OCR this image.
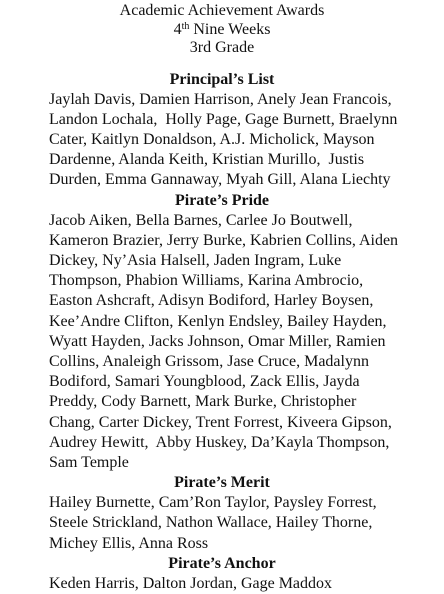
Academic Achievement Awards
4th Nine Weeks
3rd Grade
Principal’s List
Jaylah Davis, Damien Harrison, Anely Jean Francois,
Landon Lochala,  Holly Page, Gage Burnett, Braelynn
Cater, Kaitlyn Donaldson, A.J. Micholick, Mayson
Dardenne, Alanda Keith, Kristian Murillo,  Justis
Durden, Emma Gannaway, Myah Gill, Alana Liechty
Pirate’s Pride
Jacob Aiken, Bella Barnes, Carlee Jo Boutwell,
Kameron Brazier, Jerry Burke, Kabrien Collins, Aiden
Dickey, Ny’Asia Halsell, Jaden Ingram, Luke
Thompson, Phabion Williams, Karina Ambrocio,
Easton Ashcraft, Adisyn Bodiford, Harley Boysen,
Kee’Andre Clifton, Kenlyn Endsley, Bailey Hayden,
Wyatt Hayden, Jacks Johnson, Omar Miller, Ramien
Collins, Analeigh Grissom, Jase Cruce, Madalynn
Bodiford, Samari Youngblood, Zack Ellis, Jayda
Preddy, Cody Barnett, Mark Burke, Christopher
Chang, Carter Dickey, Trent Forrest, Kiveera Gipson,
Audrey Hewitt,  Abby Huskey, Da’Kayla Thompson,
Sam Temple
Pirate’s Merit
Hailey Burnette, Cam’Ron Taylor, Paysley Forrest,
Steele Strickland, Nathon Wallace, Hailey Thorne,
Michey Ellis, Anna Ross
Pirate’s Anchor
Keden Harris, Dalton Jordan, Gage Maddox
